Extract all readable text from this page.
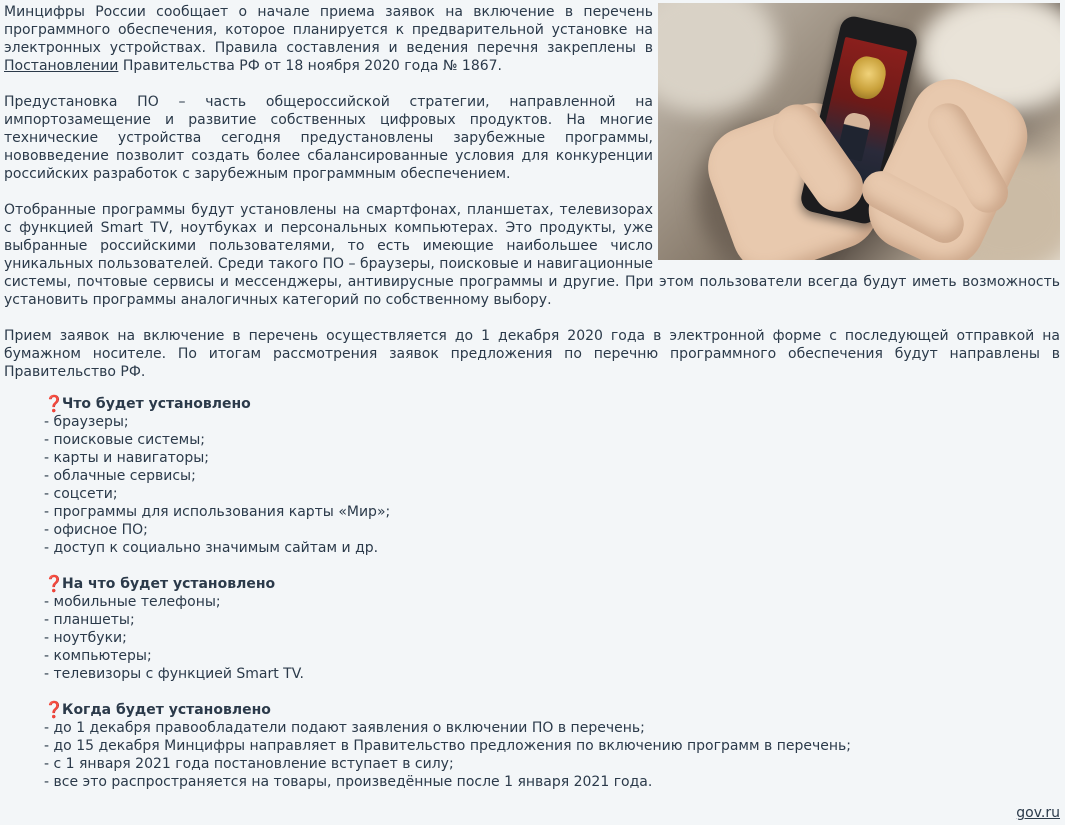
Минцифры России сообщает о начале приема заявок на включение в перечень программного обеспечения, которое планируется к предварительной установке на электронных устройствах. Правила составления и ведения перечня закреплены в Постановлении Правительства РФ от 18 ноября 2020 года № 1867.

Предустановка ПО – часть общероссийской стратегии, направленной на импортозамещение и развитие собственных цифровых продуктов. На многие технические устройства сегодня предустановлены зарубежные программы, нововведение позволит создать более сбалансированные условия для конкуренции российских разработок с зарубежным программным обеспечением.

Отобранные программы будут установлены на смартфонах, планшетах, телевизорах с функцией Smart TV, ноутбуках и персональных компьютерах. Это продукты, уже выбранные российскими пользователями, то есть имеющие наибольшее число уникальных пользователей. Среди такого ПО – браузеры, поисковые и навигационные системы, почтовые сервисы и мессенджеры, антивирусные программы и другие. При этом пользователи всегда будут иметь возможность установить программы аналогичных категорий по собственному выбору.

Прием заявок на включение в перечень осуществляется до 1 декабря 2020 года в электронной форме с последующей отправкой на бумажном носителе. По итогам рассмотрения заявок предложения по перечню программного обеспечения будут направлены в Правительство РФ.

❓
Что будет установлено
- браузеры;
- поисковые системы;
- карты и навигаторы;
- облачные сервисы;
- соцсети;
- программы для использования карты «Мир»;
- офисное ПО;
- доступ к социально значимым сайтам и др.
❓
На что будет установлено
- мобильные телефоны;
- планшеты;
- ноутбуки;
- компьютеры;
- телевизоры с функцией Smart TV.
❓
Когда будет установлено
- до 1 декабря правообладатели подают заявления о включении ПО в перечень;
- до 15 декабря Минцифры направляет в Правительство предложения по включению программ в перечень;
- с 1 января 2021 года постановление вступает в силу;
- все это распространяется на товары, произведённые после 1 января 2021 года.
gov.ru
